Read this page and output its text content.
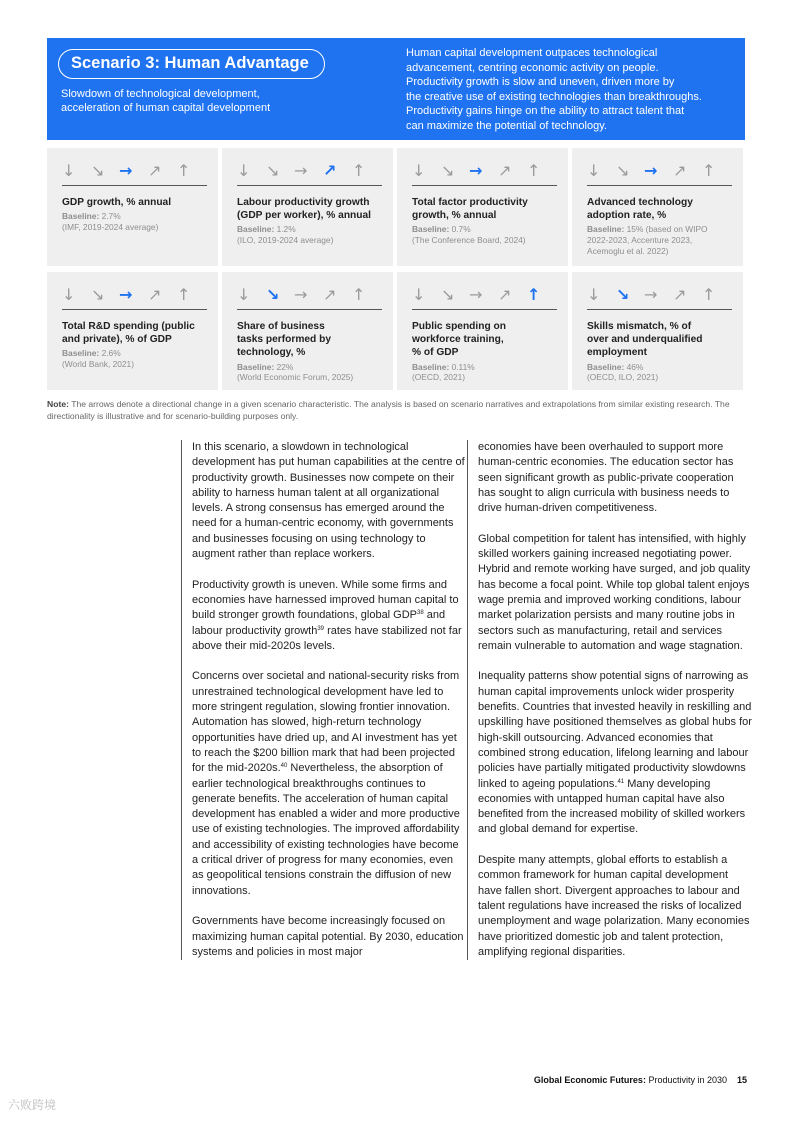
Scenario 3: Human Advantage
Slowdown of technological development,
acceleration of human capital development
Human capital development outpaces technological
advancement, centring economic activity on people.
Productivity growth is slow and uneven, driven more by
the creative use of existing technologies than breakthroughs.
Productivity gains hinge on the ability to attract talent that
can maximize the potential of technology.
↓ ↘ → ↗ ↑
GDP growth, % annual
Baseline: 2.7%
(IMF, 2019-2024 average)
↓ ↘ → ↗ ↑
Labour productivity growth
(GDP per worker), % annual
Baseline: 1.2%
(ILO, 2019-2024 average)
↓ ↘ → ↗ ↑
Total factor productivity
growth, % annual
Baseline: 0.7%
(The Conference Board, 2024)
↓ ↘ → ↗ ↑
Advanced technology
adoption rate, %
Baseline: 15% (based on WIPO
2022-2023, Accenture 2023,
Acemoglu et al. 2022)
↓ ↘ → ↗ ↑
Total R&D spending (public
and private), % of GDP
Baseline: 2.6%
(World Bank, 2021)
↓ ↘ → ↗ ↑
Share of business
tasks performed by
technology, %
Baseline: 22%
(World Economic Forum, 2025)
↓ ↘ → ↗ ↑
Public spending on
workforce training,
% of GDP
Baseline: 0.11%
(OECD, 2021)
↓ ↘ → ↗ ↑
Skills mismatch, % of
over and underqualified
employment
Baseline: 46%
(OECD, ILO, 2021)
Note: The arrows denote a directional change in a given scenario characteristic. The analysis is based on scenario narratives and extrapolations from similar existing research. The directionality is illustrative and for scenario-building purposes only.

In this scenario, a slowdown in technological development has put human capabilities at the centre of productivity growth. Businesses now compete on their ability to harness human talent at all organizational levels. A strong consensus has emerged around the need for a human-centric economy, with governments and businesses focusing on using technology to augment rather than replace workers.

Productivity growth is uneven. While some firms and economies have harnessed improved human capital to build stronger growth foundations, global GDP$^{38}$ and labour productivity growth$^{39}$ rates have stabilized not far above their mid-2020s levels.

Concerns over societal and national-security risks from unrestrained technological development have led to more stringent regulation, slowing frontier innovation. Automation has slowed, high-return technology opportunities have dried up, and AI investment has yet to reach the $200 billion mark that had been projected for the mid-2020s.$^{40}$ Nevertheless, the absorption of earlier technological breakthroughs continues to generate benefits. The acceleration of human capital development has enabled a wider and more productive use of existing technologies. The improved affordability and accessibility of existing technologies have become a critical driver of progress for many economies, even as geopolitical tensions constrain the diffusion of new innovations.

Governments have become increasingly focused on maximizing human capital potential. By 2030, education systems and policies in most major

economies have been overhauled to support more human-centric economies. The education sector has seen significant growth as public-private cooperation has sought to align curricula with business needs to drive human-driven competitiveness.

Global competition for talent has intensified, with highly skilled workers gaining increased negotiating power. Hybrid and remote working have surged, and job quality has become a focal point. While top global talent enjoys wage premia and improved working conditions, labour market polarization persists and many routine jobs in sectors such as manufacturing, retail and services remain vulnerable to automation and wage stagnation.

Inequality patterns show potential signs of narrowing as human capital improvements unlock wider prosperity benefits. Countries that invested heavily in reskilling and upskilling have positioned themselves as global hubs for high-skill outsourcing. Advanced economies that combined strong education, lifelong learning and labour policies have partially mitigated productivity slowdowns linked to ageing populations.$^{41}$ Many developing economies with untapped human capital have also benefited from the increased mobility of skilled workers and global demand for expertise.

Despite many attempts, global efforts to establish a common framework for human capital development have fallen short. Divergent approaches to labour and talent regulations have increased the risks of localized unemployment and wage polarization. Many economies have prioritized domestic job and talent protection, amplifying regional disparities.

Global Economic Futures: Productivity in 2030 15
六败跨境
